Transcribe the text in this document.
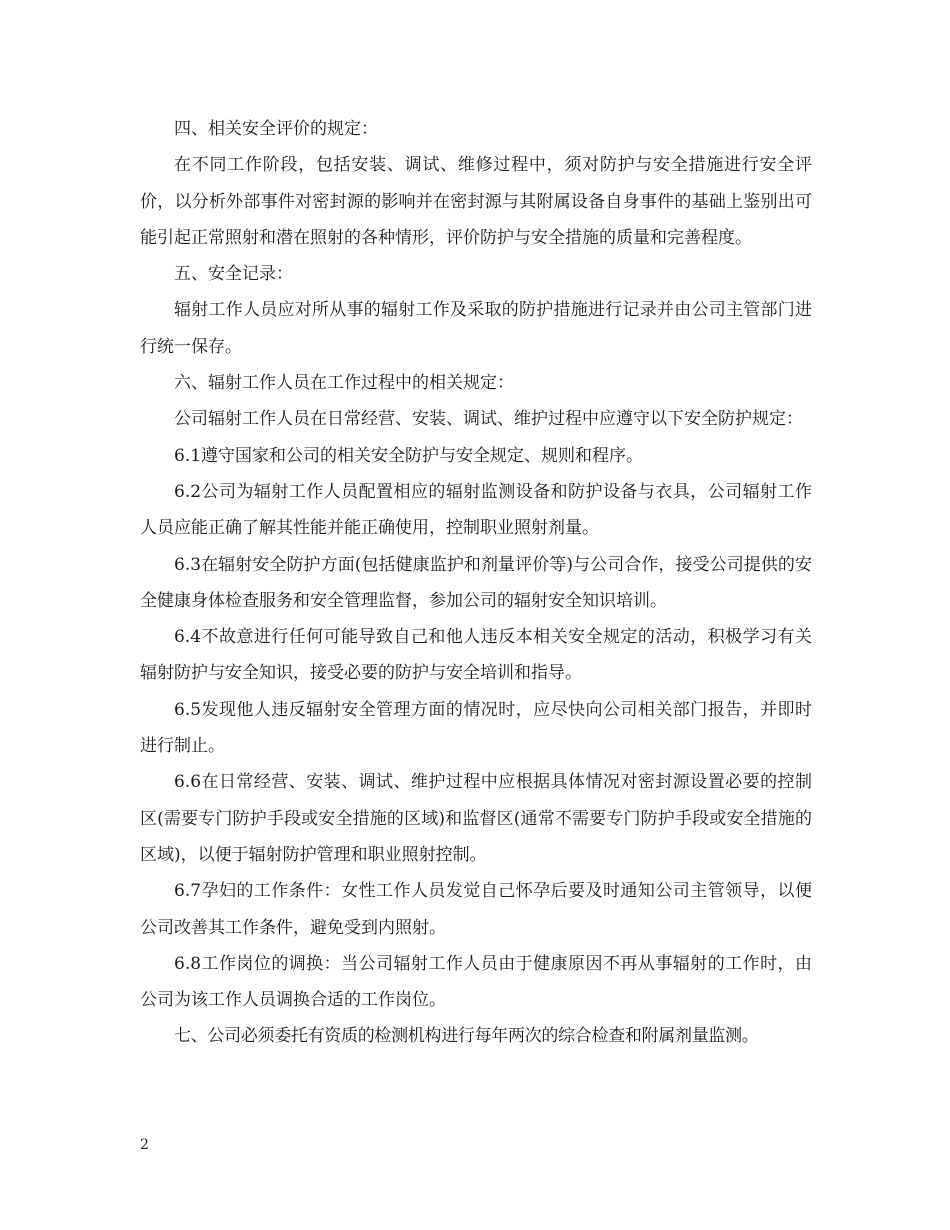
四、相关安全评价的规定：

在不同工作阶段，包括安装、调试、维修过程中，须对防护与安全措施进行安全评价，以分析外部事件对密封源的影响并在密封源与其附属设备自身事件的基础上鉴别出可能引起正常照射和潜在照射的各种情形，评价防护与安全措施的质量和完善程度。

五、安全记录：

辐射工作人员应对所从事的辐射工作及采取的防护措施进行记录并由公司主管部门进行统一保存。

六、辐射工作人员在工作过程中的相关规定：

公司辐射工作人员在日常经营、安装、调试、维护过程中应遵守以下安全防护规定：

6.1遵守国家和公司的相关安全防护与安全规定、规则和程序。

6.2公司为辐射工作人员配置相应的辐射监测设备和防护设备与衣具，公司辐射工作人员应能正确了解其性能并能正确使用，控制职业照射剂量。

6.3在辐射安全防护方面(包括健康监护和剂量评价等)与公司合作，接受公司提供的安全健康身体检查服务和安全管理监督，参加公司的辐射安全知识培训。

6.4不故意进行任何可能导致自己和他人违反本相关安全规定的活动，积极学习有关辐射防护与安全知识，接受必要的防护与安全培训和指导。

6.5发现他人违反辐射安全管理方面的情况时，应尽快向公司相关部门报告，并即时进行制止。

6.6在日常经营、安装、调试、维护过程中应根据具体情况对密封源设置必要的控制区(需要专门防护手段或安全措施的区域)和监督区(通常不需要专门防护手段或安全措施的区域)，以便于辐射防护管理和职业照射控制。

6.7孕妇的工作条件：女性工作人员发觉自己怀孕后要及时通知公司主管领导，以便公司改善其工作条件，避免受到内照射。

6.8工作岗位的调换：当公司辐射工作人员由于健康原因不再从事辐射的工作时，由公司为该工作人员调换合适的工作岗位。

七、公司必须委托有资质的检测机构进行每年两次的综合检查和附属剂量监测。

2
